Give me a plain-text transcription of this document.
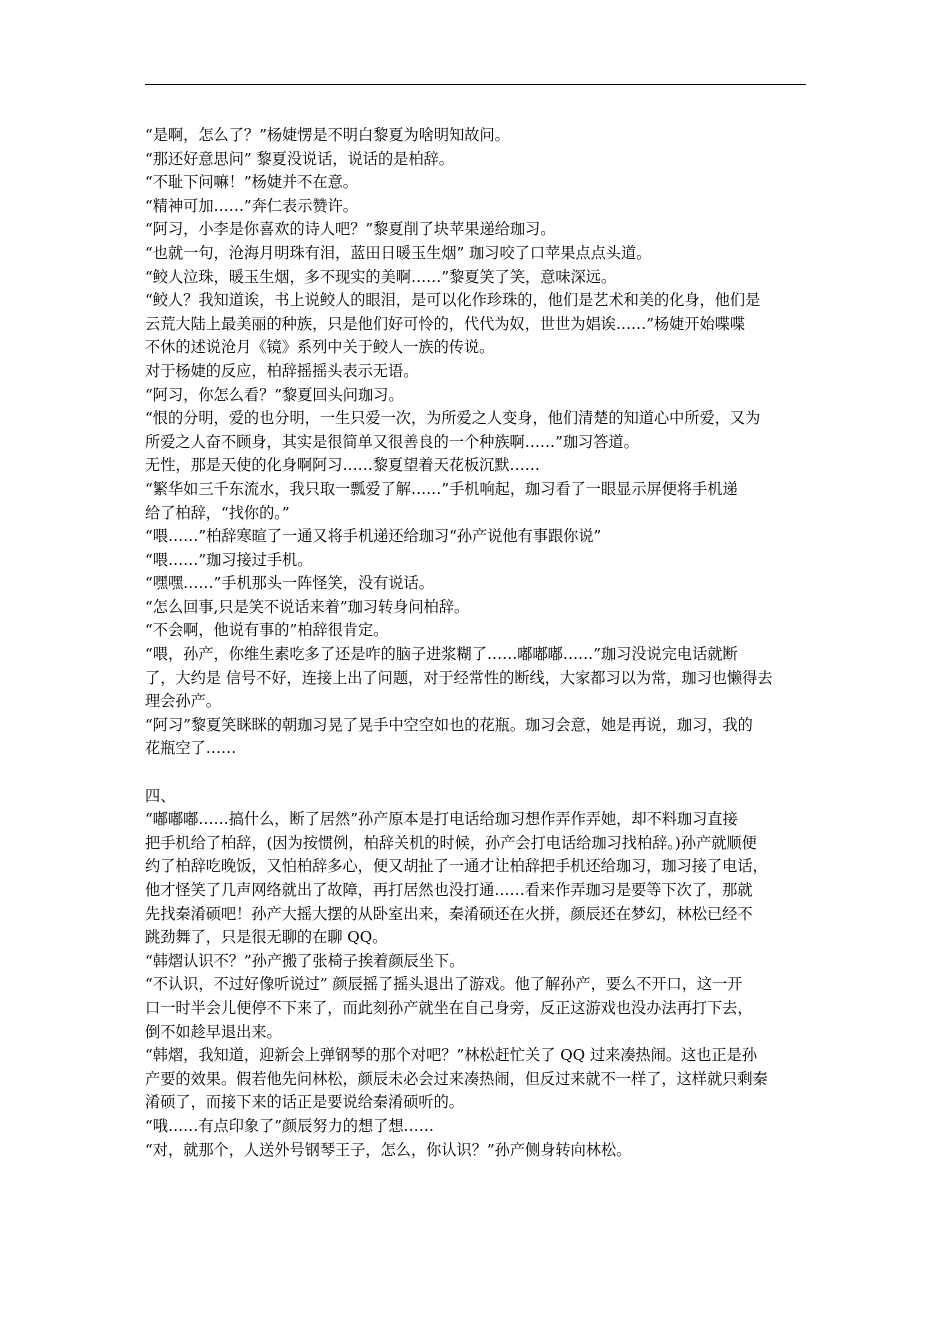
“是啊，怎么了？”杨婕愣是不明白黎夏为啥明知故问。
“那还好意思问” 黎夏没说话，说话的是柏辞。
“不耻下问嘛！”杨婕并不在意。
“精神可加……”奔仁表示赞许。
“阿习，小李是你喜欢的诗人吧？”黎夏削了块苹果递给珈习。
“也就一句，沧海月明珠有泪，蓝田日暖玉生烟” 珈习咬了口苹果点点头道。
“鲛人泣珠，暖玉生烟，多不现实的美啊……”黎夏笑了笑，意味深远。
“鲛人？我知道诶，书上说鲛人的眼泪，是可以化作珍珠的，他们是艺术和美的化身，他们是
云荒大陆上最美丽的种族，只是他们好可怜的，代代为奴，世世为娼诶……”杨婕开始喋喋
不休的述说沧月《镜》系列中关于鲛人一族的传说。
对于杨婕的反应，柏辞摇摇头表示无语。
“阿习，你怎么看？”黎夏回头问珈习。
“恨的分明，爱的也分明，一生只爱一次，为所爱之人变身，他们清楚的知道心中所爱，又为
所爱之人奋不顾身，其实是很简单又很善良的一个种族啊……”珈习答道。
无性，那是天使的化身啊阿习……黎夏望着天花板沉默……
“繁华如三千东流水，我只取一瓢爱了解……”手机响起，珈习看了一眼显示屏便将手机递
给了柏辞，“找你的。”
“喂……”柏辞寒暄了一通又将手机递还给珈习“孙产说他有事跟你说”
“喂……”珈习接过手机。
“嘿嘿……”手机那头一阵怪笑，没有说话。
“怎么回事,只是笑不说话来着”珈习转身问柏辞。
“不会啊，他说有事的”柏辞很肯定。
“喂，孙产，你维生素吃多了还是咋的脑子进浆糊了……嘟嘟嘟……”珈习没说完电话就断
了，大约是 信号不好，连接上出了问题，对于经常性的断线，大家都习以为常，珈习也懒得去
理会孙产。
“阿习”黎夏笑眯眯的朝珈习晃了晃手中空空如也的花瓶。珈习会意，她是再说，珈习，我的
花瓶空了……
四、
“嘟嘟嘟……搞什么，断了居然”孙产原本是打电话给珈习想作弄作弄她，却不料珈习直接
把手机给了柏辞，(因为按惯例，柏辞关机的时候，孙产会打电话给珈习找柏辞。)孙产就顺便
约了柏辞吃晚饭，又怕柏辞多心，便又胡扯了一通才让柏辞把手机还给珈习，珈习接了电话，
他才怪笑了几声网络就出了故障，再打居然也没打通……看来作弄珈习是要等下次了，那就
先找秦淆硕吧！孙产大摇大摆的从卧室出来，秦淆硕还在火拼，颜辰还在梦幻，林松已经不
跳劲舞了，只是很无聊的在聊 QQ。
“韩熠认识不？”孙产搬了张椅子挨着颜辰坐下。
“不认识，不过好像听说过” 颜辰摇了摇头退出了游戏。他了解孙产，要么不开口，这一开
口一时半会儿便停不下来了，而此刻孙产就坐在自己身旁，反正这游戏也没办法再打下去，
倒不如趁早退出来。
“韩熠，我知道，迎新会上弹钢琴的那个对吧？”林松赶忙关了 QQ 过来凑热闹。这也正是孙
产要的效果。假若他先问林松，颜辰未必会过来凑热闹，但反过来就不一样了，这样就只剩秦
淆硕了，而接下来的话正是要说给秦淆硕听的。
“哦……有点印象了”颜辰努力的想了想……
“对，就那个，人送外号钢琴王子，怎么，你认识？”孙产侧身转向林松。
